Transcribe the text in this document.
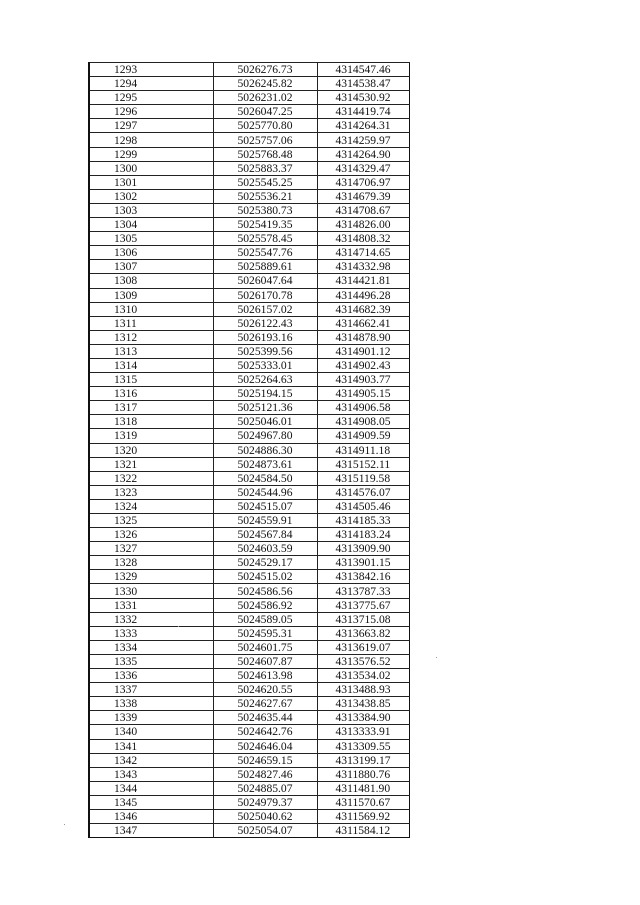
1293	5026276.73	4314547.46
1294	5026245.82	4314538.47
1295	5026231.02	4314530.92
1296	5026047.25	4314419.74
1297	5025770.80	4314264.31
1298	5025757.06	4314259.97
1299	5025768.48	4314264.90
1300	5025883.37	4314329.47
1301	5025545.25	4314706.97
1302	5025536.21	4314679.39
1303	5025380.73	4314708.67
1304	5025419.35	4314826.00
1305	5025578.45	4314808.32
1306	5025547.76	4314714.65
1307	5025889.61	4314332.98
1308	5026047.64	4314421.81
1309	5026170.78	4314496.28
1310	5026157.02	4314682.39
1311	5026122.43	4314662.41
1312	5026193.16	4314878.90
1313	5025399.56	4314901.12
1314	5025333.01	4314902.43
1315	5025264.63	4314903.77
1316	5025194.15	4314905.15
1317	5025121.36	4314906.58
1318	5025046.01	4314908.05
1319	5024967.80	4314909.59
1320	5024886.30	4314911.18
1321	5024873.61	4315152.11
1322	5024584.50	4315119.58
1323	5024544.96	4314576.07
1324	5024515.07	4314505.46
1325	5024559.91	4314185.33
1326	5024567.84	4314183.24
1327	5024603.59	4313909.90
1328	5024529.17	4313901.15
1329	5024515.02	4313842.16
1330	5024586.56	4313787.33
1331	5024586.92	4313775.67
1332	5024589.05	4313715.08
1333	5024595.31	4313663.82
1334	5024601.75	4313619.07
1335	5024607.87	4313576.52
1336	5024613.98	4313534.02
1337	5024620.55	4313488.93
1338	5024627.67	4313438.85
1339	5024635.44	4313384.90
1340	5024642.76	4313333.91
1341	5024646.04	4313309.55
1342	5024659.15	4313199.17
1343	5024827.46	4311880.76
1344	5024885.07	4311481.90
1345	5024979.37	4311570.67
1346	5025040.62	4311569.92
1347	5025054.07	4311584.12
